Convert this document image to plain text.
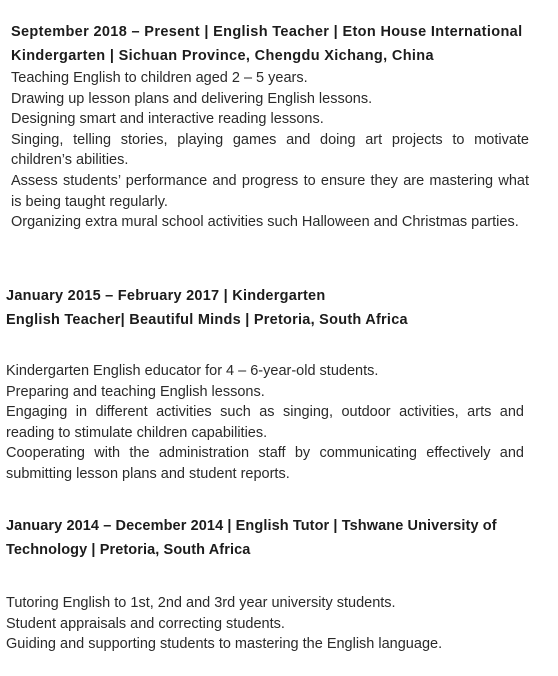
September 2018 – Present | English Teacher | Eton House International Kindergarten | Sichuan Province, Chengdu Xichang, China
Teaching English to children aged 2 – 5 years.
Drawing up lesson plans and delivering English lessons.
Designing smart and interactive reading lessons.
Singing, telling stories, playing games and doing art projects to motivate children’s abilities.
Assess students’ performance and progress to ensure they are mastering what is being taught regularly.
Organizing extra mural school activities such Halloween and Christmas parties.
January 2015 – February 2017 | Kindergarten
English Teacher| Beautiful Minds | Pretoria, South Africa
Kindergarten English educator for 4 – 6-year-old students.
Preparing and teaching English lessons.
Engaging in different activities such as singing, outdoor activities, arts and reading to stimulate children capabilities.
Cooperating with the administration staff by communicating effectively and submitting lesson plans and student reports.
January 2014 – December 2014 | English Tutor | Tshwane University of Technology | Pretoria, South Africa
Tutoring English to 1st, 2nd and 3rd year university students.
Student appraisals and correcting students.
Guiding and supporting students to mastering the English language.
